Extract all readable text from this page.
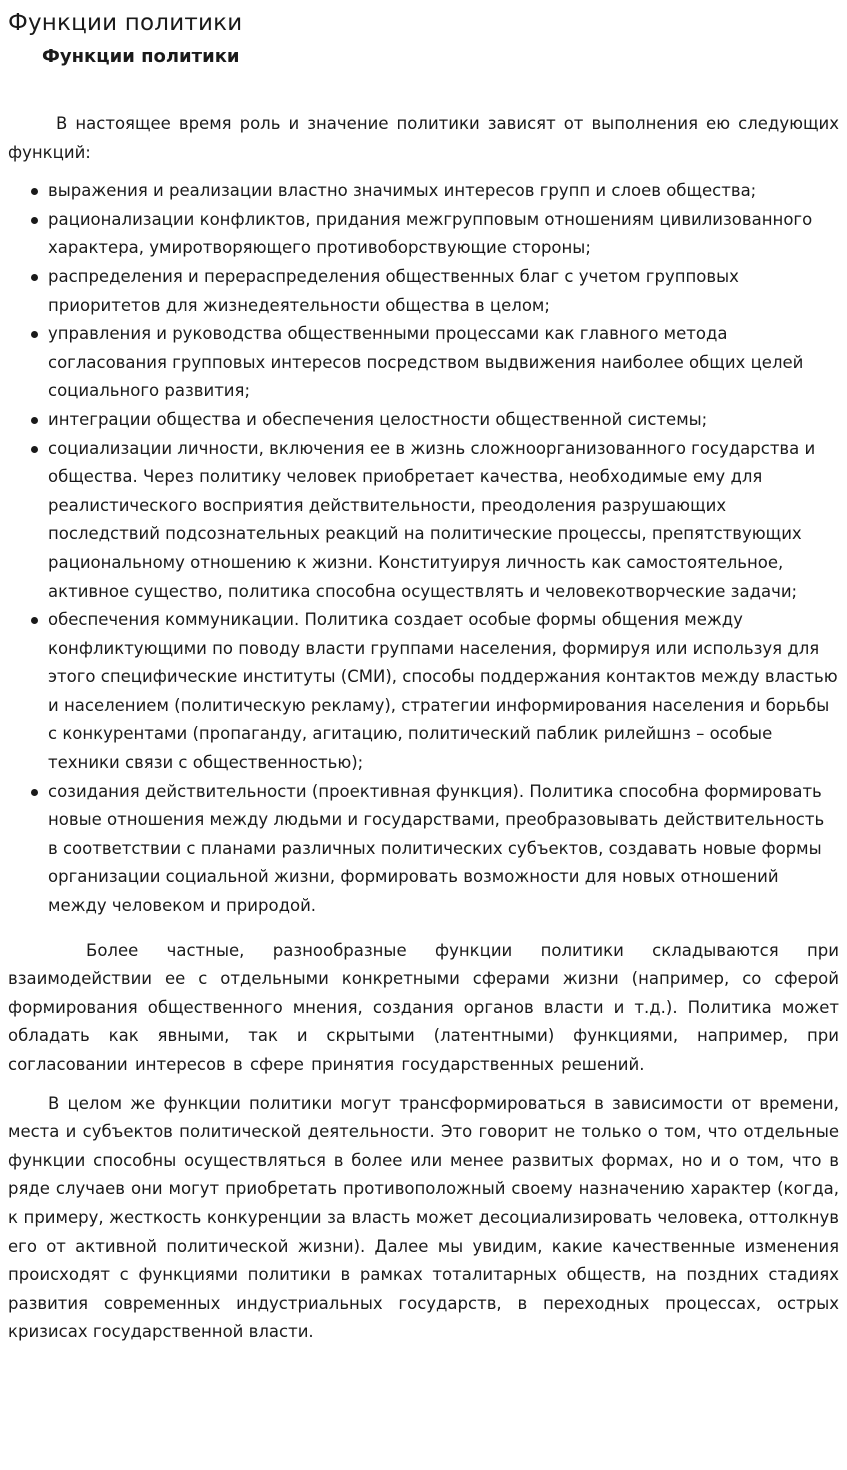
Функции политики
Функции политики

В настоящее время роль и значение политики зависят от выполнения ею следующих функций:

выражения и реализации властно значимых интересов групп и слоев общества;
рационализации конфликтов, придания межгрупповым отношениям цивилизованного характера, умиротворяющего противоборствующие стороны;
распределения и перераспределения общественных благ с учетом групповых приоритетов для жизнедеятельности общества в целом;
управления и руководства общественными процессами как главного метода согласования групповых интересов посредством выдвижения наиболее общих целей социального развития;
интеграции общества и обеспечения целостности общественной системы;
социализации личности, включения ее в жизнь сложноорганизованного государства и общества. Через политику человек приобретает качества, необходимые ему для реалистического восприятия действительности, преодоления разрушающих последствий подсознательных реакций на политические процессы, препятствующих рациональному отношению к жизни. Конституируя личность как самостоятельное, активное существо, политика способна осуществлять и человекотворческие задачи;
обеспечения коммуникации. Политика создает особые формы общения между конфликтующими по поводу власти группами населения, формируя или используя для этого специфические институты (СМИ), способы поддержания контактов между властью и населением (политическую рекламу), стратегии информирования населения и борьбы с конкурентами (пропаганду, агитацию, политический паблик рилейшнз – особые техники связи с общественностью);
созидания действительности (проективная функция). Политика способна формировать новые отношения между людьми и государствами, преобразовывать действительность в соответствии с планами различных политических субъектов, создавать новые формы организации социальной жизни, формировать возможности для новых отношений между человеком и природой.

Более частные, разнообразные функции политики складываются при взаимодействии ее с отдельными конкретными сферами жизни (например, со сферой формирования общественного мнения, создания органов власти и т.д.). Политика может обладать как явными, так и скрытыми (латентными) функциями, например, при согласовании интересов в сфере принятия государственных решений.

В целом же функции политики могут трансформироваться в зависимости от времени, места и субъектов политической деятельности. Это говорит не только о том, что отдельные функции способны осуществляться в более или менее развитых формах, но и о том, что в ряде случаев они могут приобретать противоположный своему назначению характер (когда, к примеру, жесткость конкуренции за власть может десоциализировать человека, оттолкнув его от активной политической жизни). Далее мы увидим, какие качественные изменения происходят с функциями политики в рамках тоталитарных обществ, на поздних стадиях развития современных индустриальных государств, в переходных процессах, острых кризисах государственной власти.
